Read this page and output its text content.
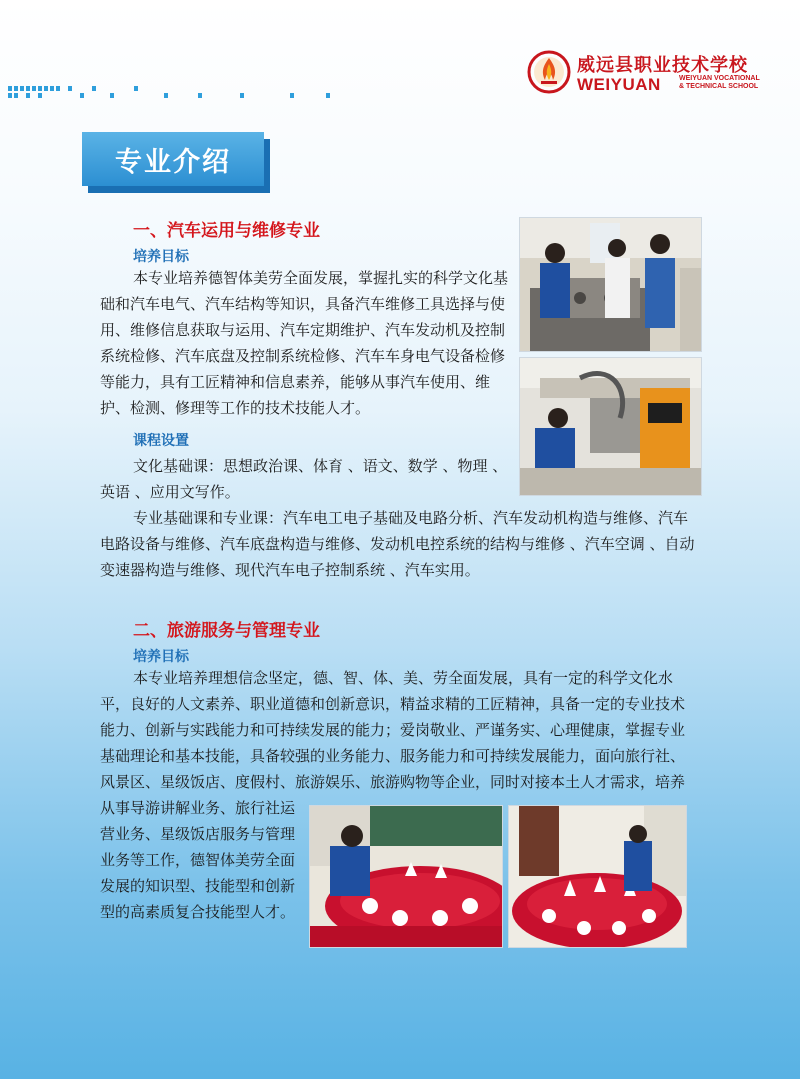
威远县职业技术学校
WEIYUAN	WEIYUAN VOCATIONAL
& TECHNICAL SCHOOL
专业介绍
一、汽车运用与维修专业
培养目标
本专业培养德智体美劳全面发展，掌握扎实的科学文化基
础和汽车电气、汽车结构等知识，具备汽车维修工具选择与使
用、维修信息获取与运用、汽车定期维护、汽车发动机及控制
系统检修、汽车底盘及控制系统检修、汽车车身电气设备检修
等能力，具有工匠精神和信息素养，能够从事汽车使用、维
护、检测、修理等工作的技术技能人才。
课程设置
文化基础课：思想政治课、体育 、语文、数学 、物理 、
英语 、应用文写作。
专业基础课和专业课：汽车电工电子基础及电路分析、汽车发动机构造与维修、汽车
电路设备与维修、汽车底盘构造与维修、发动机电控系统的结构与维修 、汽车空调 、自动
变速器构造与维修、现代汽车电子控制系统 、汽车实用。
二、旅游服务与管理专业
培养目标
本专业培养理想信念坚定，德、智、体、美、劳全面发展，具有一定的科学文化水
平，良好的人文素养、职业道德和创新意识，精益求精的工匠精神，具备一定的专业技术
能力、创新与实践能力和可持续发展的能力；爱岗敬业、严谨务实、心理健康，掌握专业
基础理论和基本技能，具备较强的业务能力、服务能力和可持续发展能力，面向旅行社、
风景区、星级饭店、度假村、旅游娱乐、旅游购物等企业，同时对接本土人才需求，培养
从事导游讲解业务、旅行社运
营业务、星级饭店服务与管理
业务等工作，德智体美劳全面
发展的知识型、技能型和创新
型的高素质复合技能型人才。
